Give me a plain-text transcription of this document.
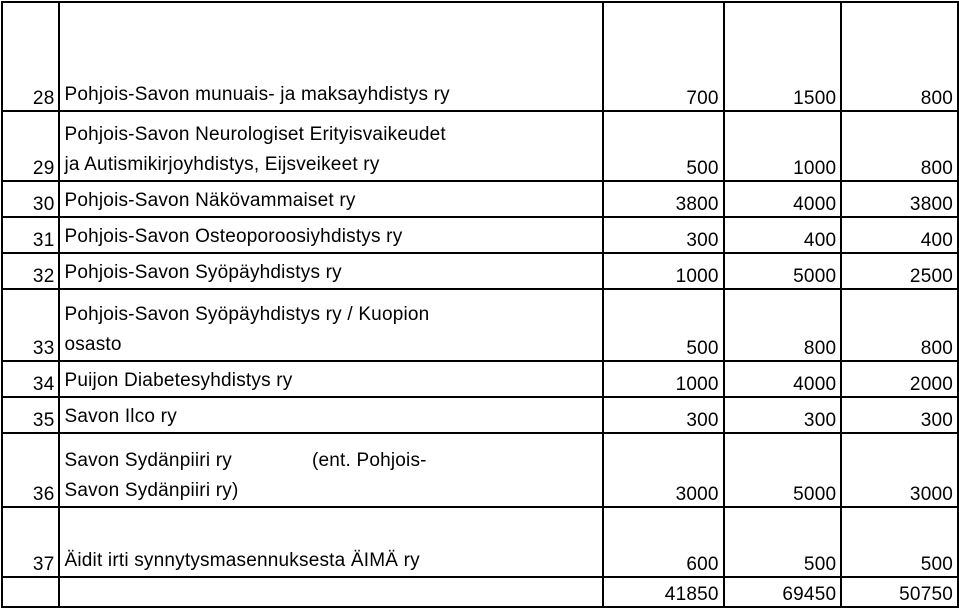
28	Pohjois-Savon munuais- ja maksayhdistys ry	700	1500	800
29	Pohjois-Savon Neurologiset Erityisvaikeudet
ja Autismikirjoyhdistys, Eijsveikeet ry	500	1000	800
30	Pohjois-Savon Näkövammaiset ry	3800	4000	3800
31	Pohjois-Savon Osteoporoosiyhdistys ry	300	400	400
32	Pohjois-Savon Syöpäyhdistys ry	1000	5000	2500
33	Pohjois-Savon Syöpäyhdistys ry / Kuopion
osasto	500	800	800
34	Puijon Diabetesyhdistys ry	1000	4000	2000
35	Savon Ilco ry	300	300	300
36	Savon Sydänpiiri ry (ent. Pohjois-
Savon Sydänpiiri ry)	3000	5000	3000
37	Äidit irti synnytysmasennuksesta ÄIMÄ ry	600	500	500
		41850	69450	50750
